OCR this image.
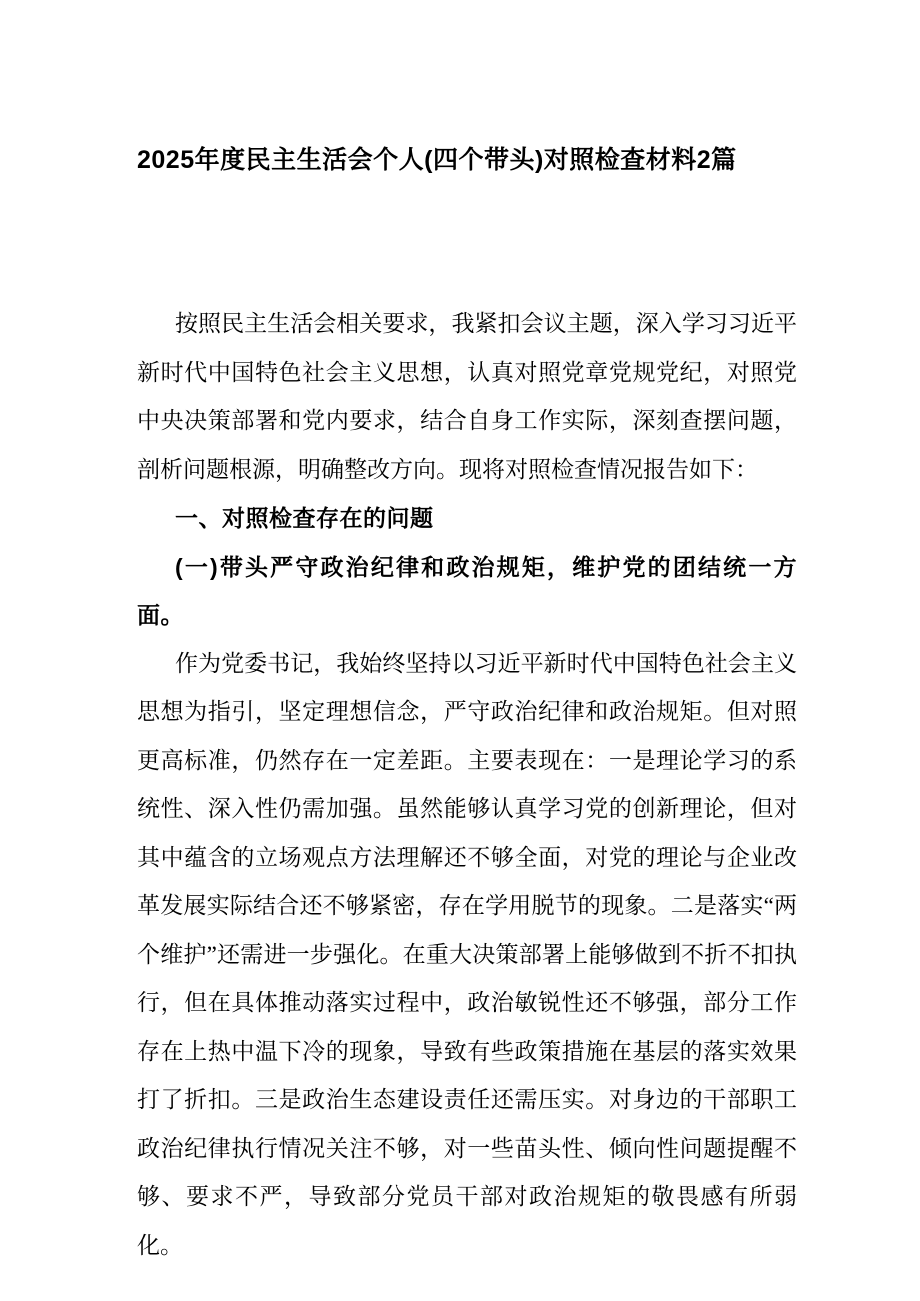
2025年度民主生活会个人(四个带头)对照检查材料2篇

按照民主生活会相关要求，我紧扣会议主题，深入学习习近平新时代中国特色社会主义思想，认真对照党章党规党纪，对照党中央决策部署和党内要求，结合自身工作实际，深刻查摆问题，剖析问题根源，明确整改方向。现将对照检查情况报告如下：

一、对照检查存在的问题

(一)带头严守政治纪律和政治规矩，维护党的团结统一方面。

作为党委书记，我始终坚持以习近平新时代中国特色社会主义思想为指引，坚定理想信念，严守政治纪律和政治规矩。但对照更高标准，仍然存在一定差距。主要表现在：一是理论学习的系统性、深入性仍需加强。虽然能够认真学习党的创新理论，但对其中蕴含的立场观点方法理解还不够全面，对党的理论与企业改革发展实际结合还不够紧密，存在学用脱节的现象。二是落实“两个维护”还需进一步强化。在重大决策部署上能够做到不折不扣执行，但在具体推动落实过程中，政治敏锐性还不够强，部分工作存在上热中温下冷的现象，导致有些政策措施在基层的落实效果打了折扣。三是政治生态建设责任还需压实。对身边的干部职工政治纪律执行情况关注不够，对一些苗头性、倾向性问题提醒不够、要求不严，导致部分党员干部对政治规矩的敬畏感有所弱化。
